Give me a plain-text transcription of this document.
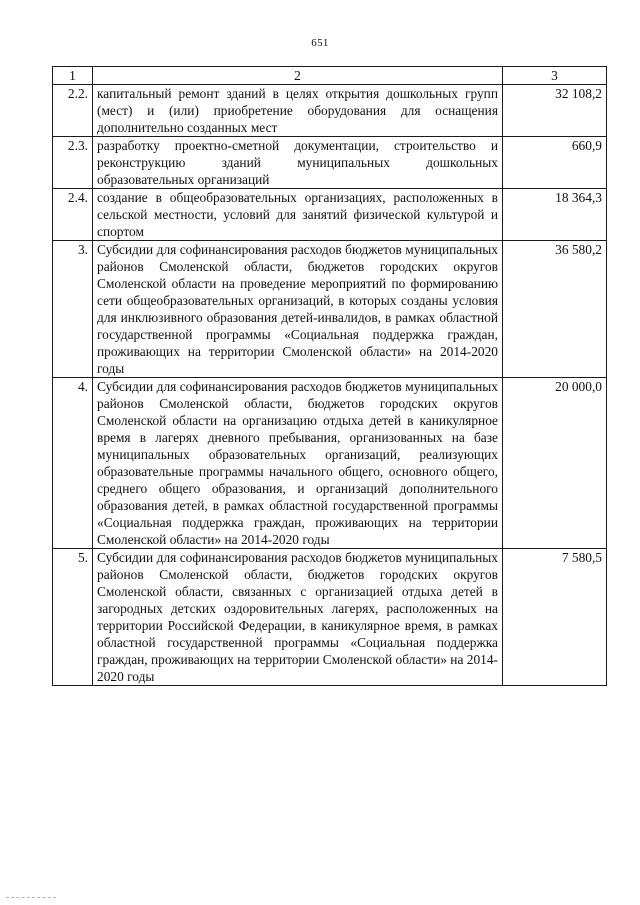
651
1	2	3
2.2.	капитальный ремонт зданий в целях открытия дошкольных групп (мест) и (или) приобретение оборудования для оснащения дополнительно созданных мест	32 108,2
2.3.	разработку проектно-сметной документации, строительство и реконструкцию зданий муниципальных дошкольных образовательных организаций	660,9
2.4.	создание в общеобразовательных организациях, расположенных в сельской местности, условий для занятий физической культурой и спортом	18 364,3
3.	Субсидии для софинансирования расходов бюджетов муниципальных районов Смоленской области, бюджетов городских округов Смоленской области на проведение мероприятий по формированию сети общеобразовательных организаций, в которых созданы условия для инклюзивного образования детей-инвалидов, в рамках областной государственной программы «Социальная поддержка граждан, проживающих на территории Смоленской области» на 2014-2020 годы	36 580,2
4.	Субсидии для софинансирования расходов бюджетов муниципальных районов Смоленской области, бюджетов городских округов Смоленской области на организацию отдыха детей в каникулярное время в лагерях дневного пребывания, организованных на базе муниципальных образовательных организаций, реализующих образовательные программы начального общего, основного общего, среднего общего образования, и организаций дополнительного образования детей, в рамках областной государственной программы «Социальная поддержка граждан, проживающих на территории Смоленской области» на 2014-2020 годы	20 000,0
5.	Субсидии для софинансирования расходов бюджетов муниципальных районов Смоленской области, бюджетов городских округов Смоленской области, связанных с организацией отдыха детей в загородных детских оздоровительных лагерях, расположенных на территории Российской Федерации, в каникулярное время, в рамках областной государственной программы «Социальная поддержка граждан, проживающих на территории Смоленской области» на 2014-2020 годы	7 580,5
